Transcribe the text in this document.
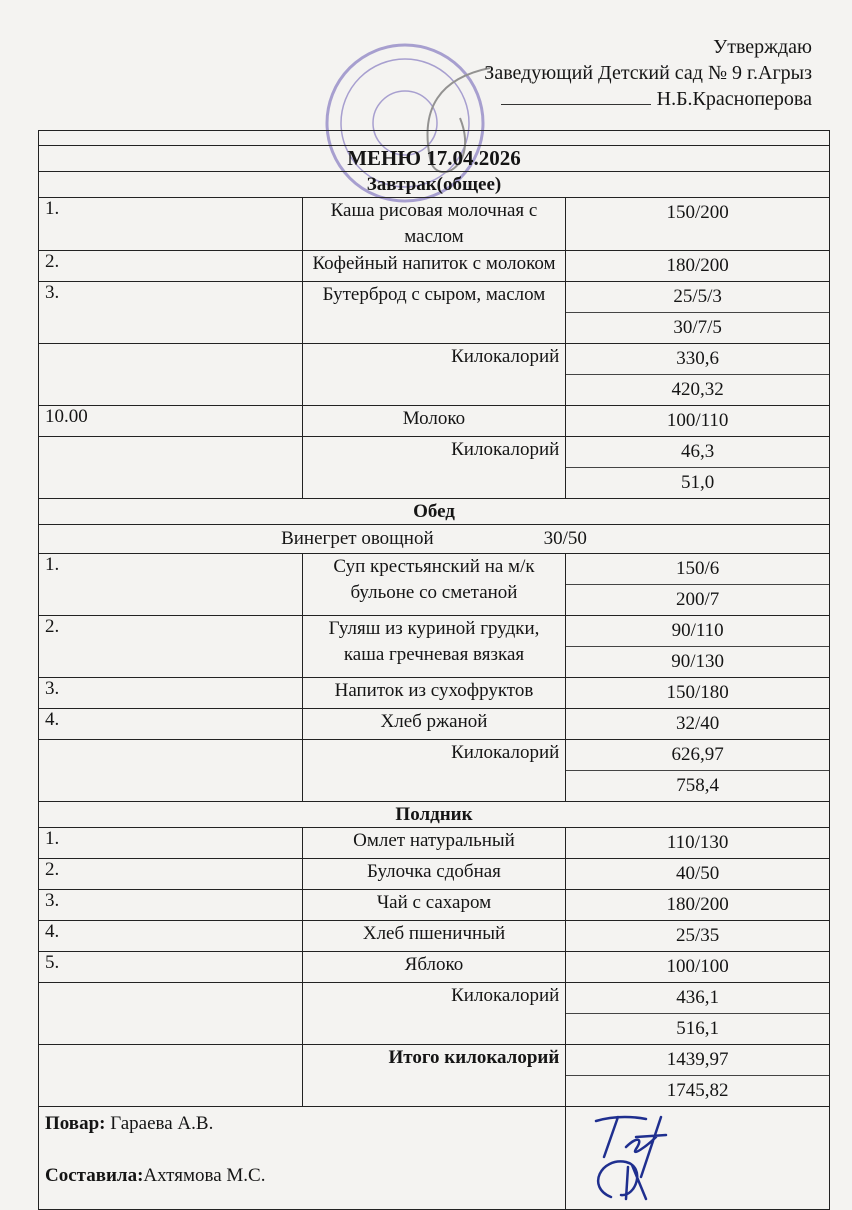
Утверждаю
Заведующий Детский сад № 9 г.Агрыз
Н.Б.Красноперова

МЕНЮ 17.04.2026		
Завтрак(общее)		
1.	Каша рисовая молочная с маслом	150/200

2.	Кофейный напиток с молоком	180/200

3.	Бутерброд с сыром, маслом	25/5/3
30/7/5

	Килокалорий	330,6
420,32

10.00	Молоко	100/110

	Килокалорий	46,3
51,0

Обед		
Винегрет овощной 30/50		
1.	Суп крестьянский на м/к бульоне со сметаной	150/6
200/7

2.	Гуляш из куриной грудки, каша гречневая вязкая	90/110
90/130

3.	Напиток из сухофруктов	150/180

4.	Хлеб ржаной	32/40

	Килокалорий	626,97
758,4

Полдник		
1.	Омлет натуральный	110/130

2.	Булочка сдобная	40/50

3.	Чай с сахаром	180/200

4.	Хлеб пшеничный	25/35

5.	Яблоко	100/100

	Килокалорий	436,1
516,1

	Итого килокалорий	1439,97
1745,82

Повар: Гараева А.В.
Составила:Ахтямова М.С.
